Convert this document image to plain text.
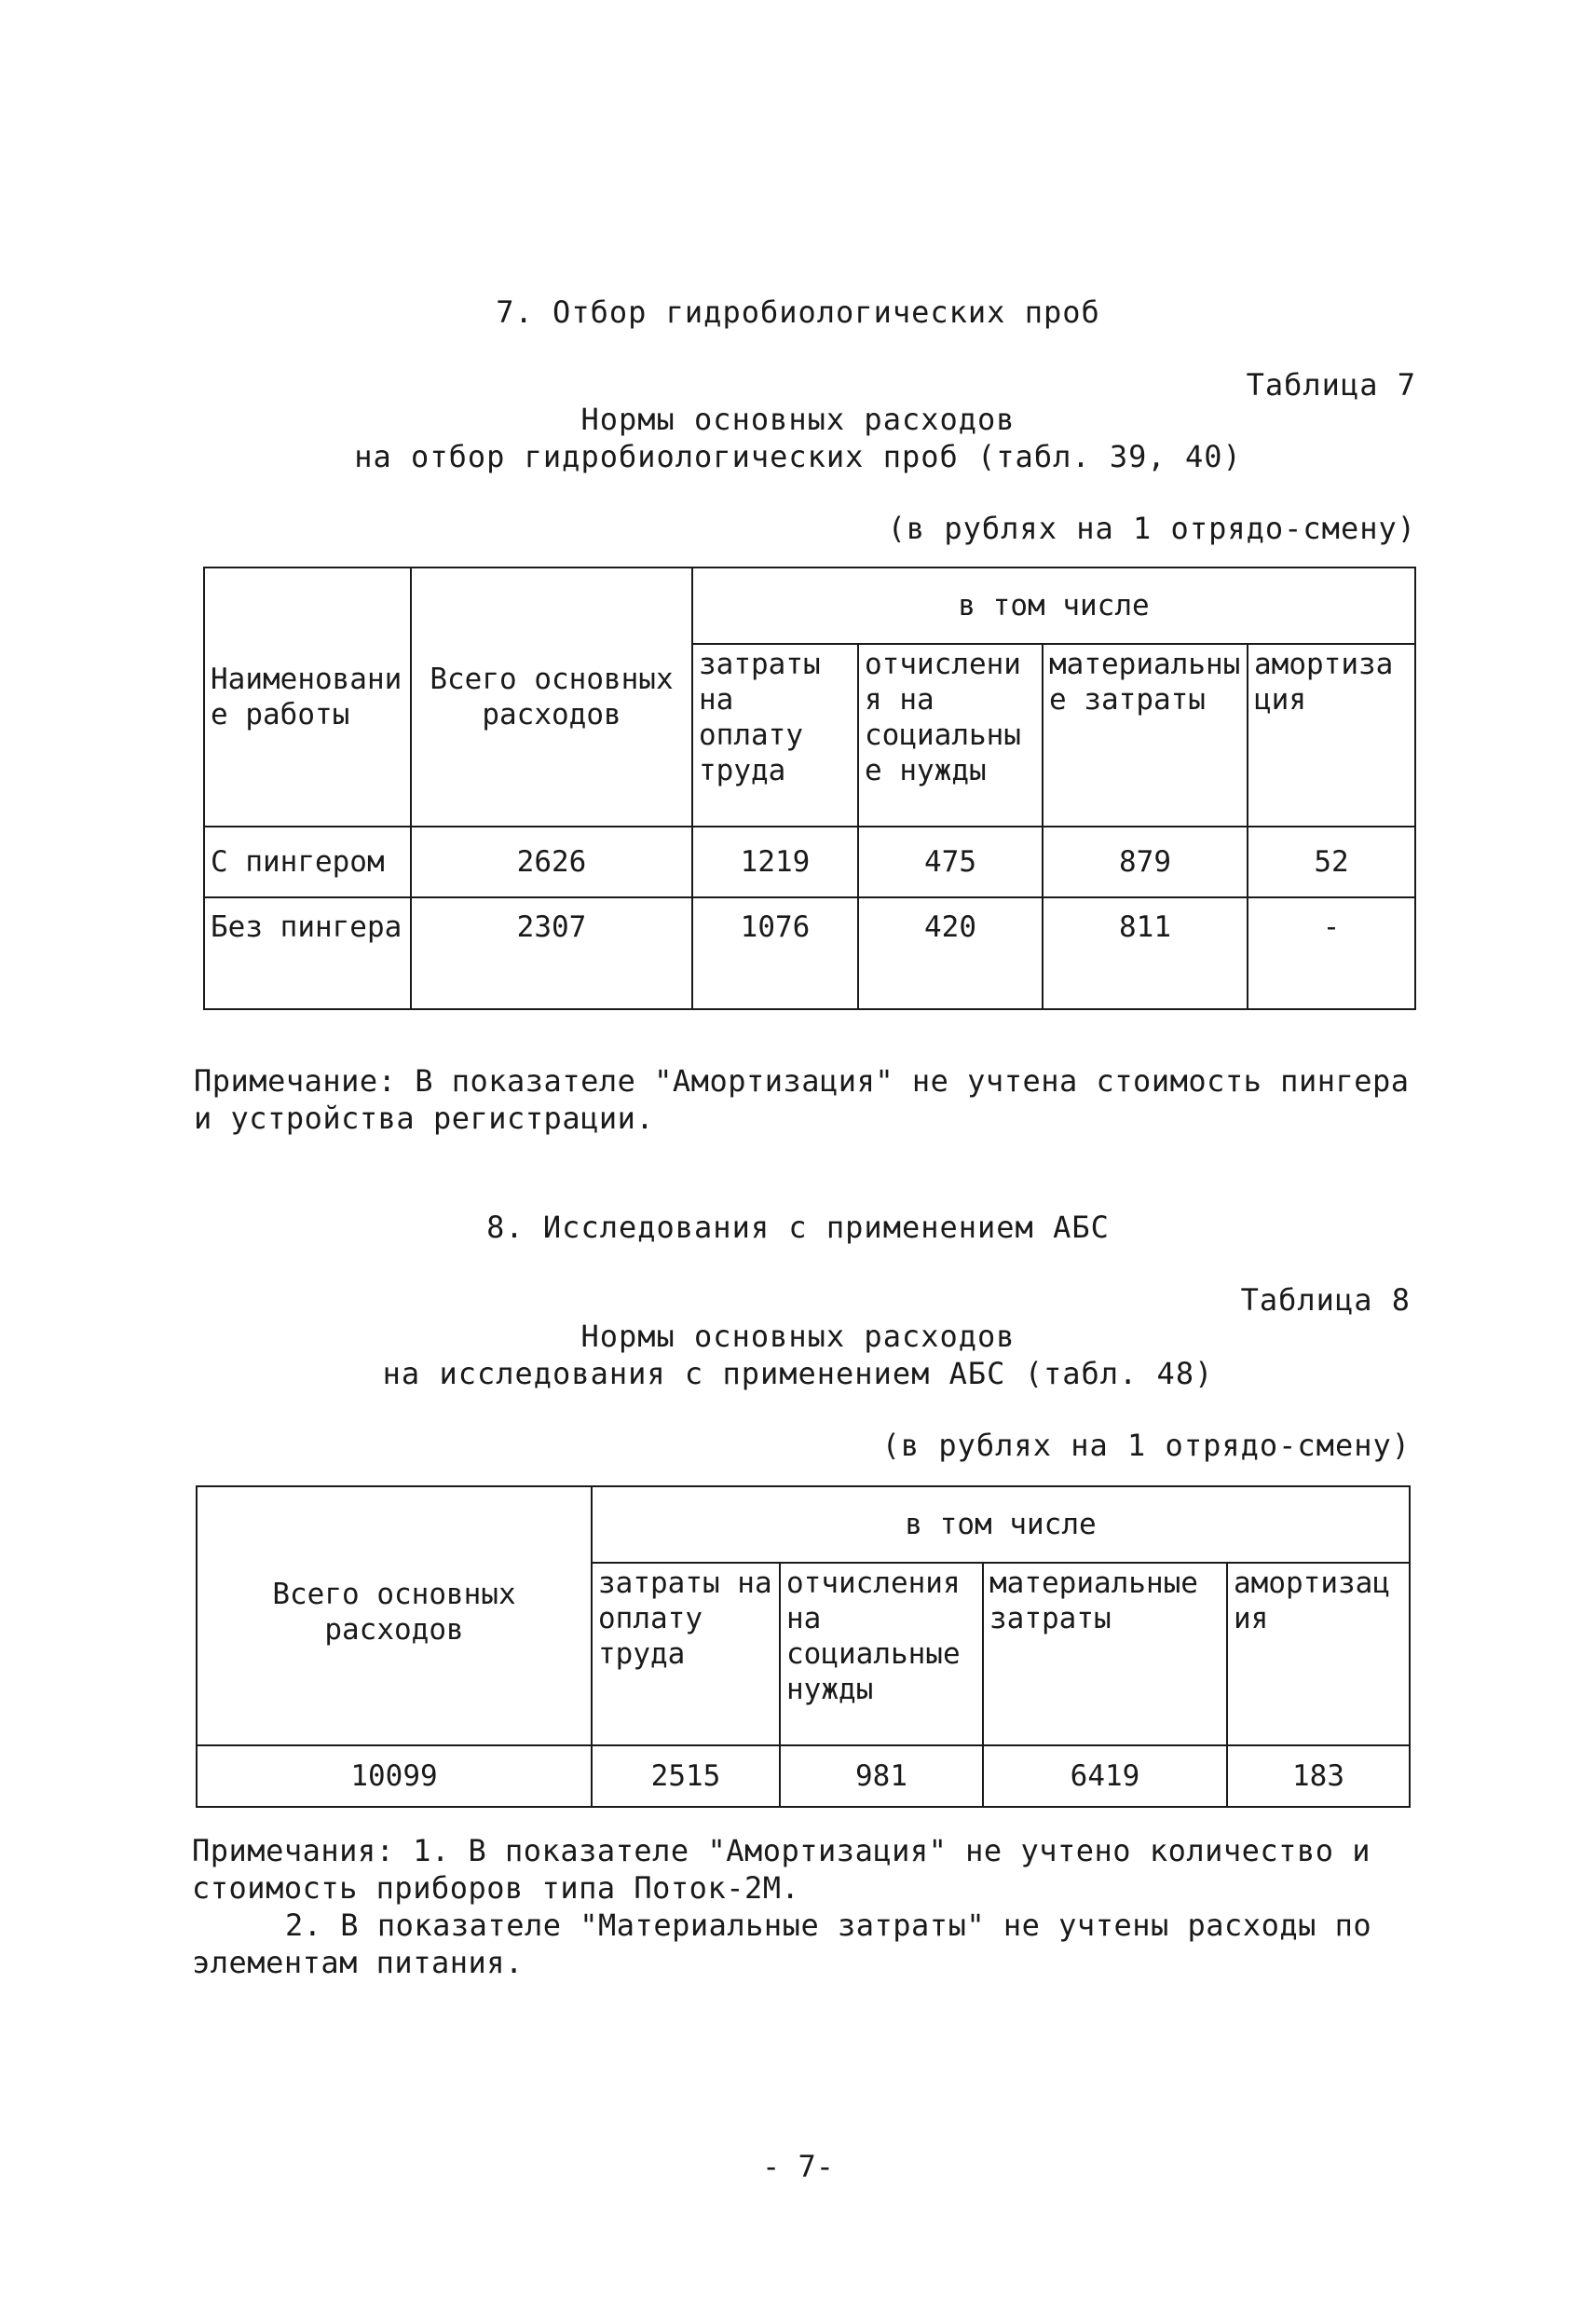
7. Отбор гидробиологических проб
Таблица 7
Нормы основных расходов
на отбор гидробиологических проб (табл. 39, 40)
(в рублях на 1 отрядо-смену)
Наименование работы	Всего основных расходов	в том числе			
		затраты на оплату труда	отчисления на социальные нужды	материальные затраты	амортизация
С пингером	2626	1219	475	879	52
Без пингера	2307	1076	420	811	-
Примечание: В показателе "Амортизация" не учтена стоимость пингера и устройства регистрации.
8. Исследования с применением АБС
Таблица 8
Нормы основных расходов
на исследования с применением АБС (табл. 48)
(в рублях на 1 отрядо-смену)
Всего основных расходов	в том числе			
	затраты на оплату труда	отчисления на социальные нужды	материальные затраты	амортизация
10099	2515	981	6419	183

Примечания: 1. В показателе "Амортизация" не учтено количество и стоимость приборов типа Поток-2М.

2. В показателе "Материальные затраты" не учтены расходы по элементам питания.

- 7-
